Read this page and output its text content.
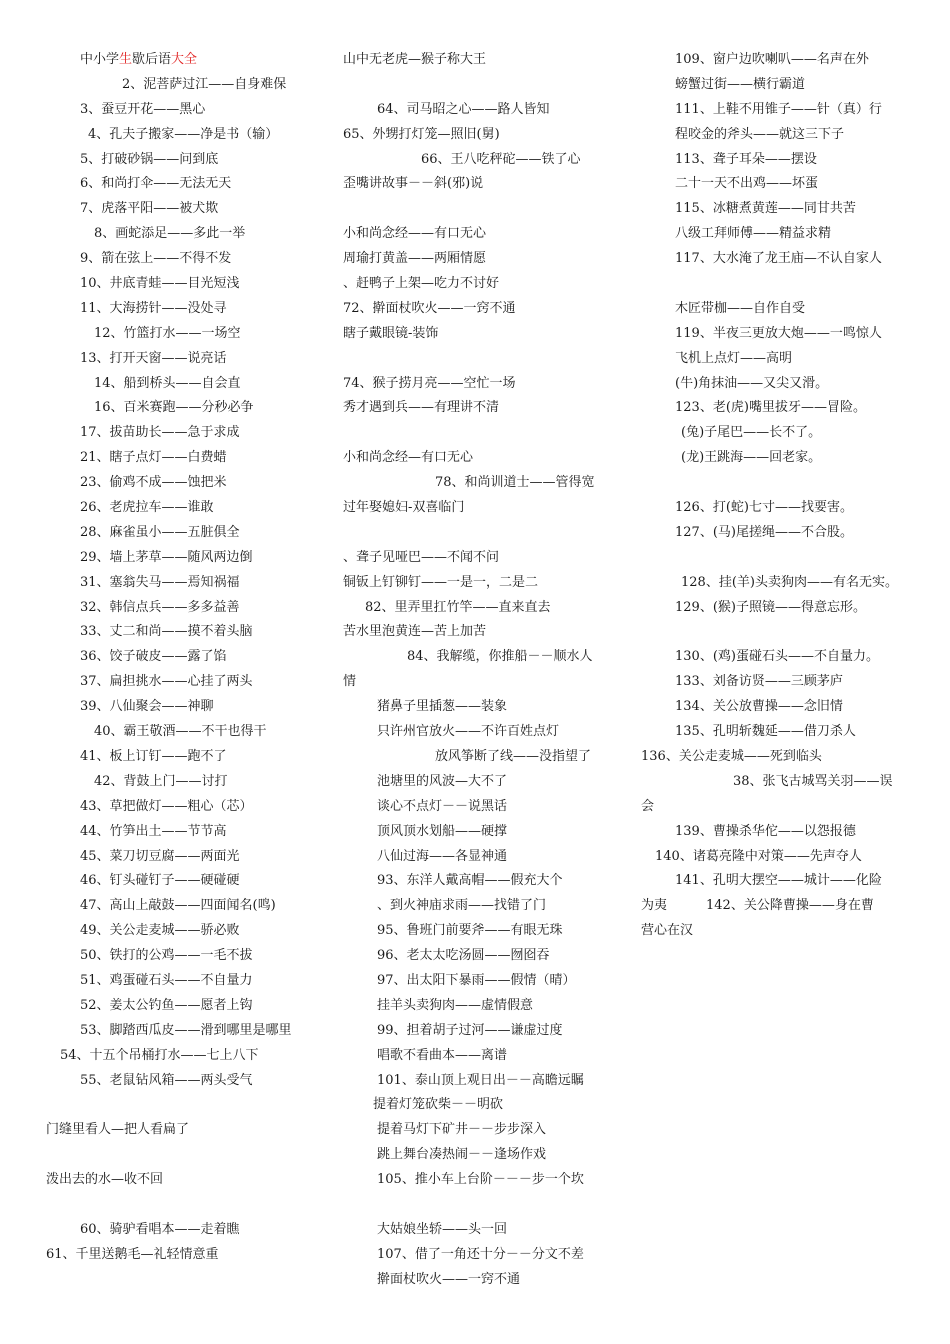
中小学生歇后语大全
2、泥菩萨过江——自身难保
3、蚕豆开花——黑心
4、孔夫子搬家——净是书（输）
5、打破砂锅——问到底
6、和尚打伞——无法无天
7、虎落平阳——被犬欺
8、画蛇添足——多此一举
9、箭在弦上——不得不发
10、井底青蛙——目光短浅
11、大海捞针——没处寻
12、竹篮打水——一场空
13、打开天窗——说亮话
14、船到桥头——自会直
16、百米赛跑——分秒必争
17、拔苗助长——急于求成
21、瞎子点灯——白费蜡
23、偷鸡不成——蚀把米
26、老虎拉车——谁敢
28、麻雀虽小——五脏俱全
29、墙上茅草——随风两边倒
31、塞翁失马——焉知祸福
32、韩信点兵——多多益善
33、丈二和尚——摸不着头脑
36、饺子破皮——露了馅
37、扁担挑水——心挂了两头
39、八仙聚会——神聊
40、霸王敬酒——不干也得干
41、板上订钉——跑不了
42、背鼓上门——讨打
43、草把做灯——粗心（芯）
44、竹笋出土——节节高
45、菜刀切豆腐——两面光
46、钉头碰钉子——硬碰硬
47、高山上敲鼓——四面闻名(鸣)
49、关公走麦城——骄必败
50、铁打的公鸡——一毛不拔
51、鸡蛋碰石头——不自量力
52、姜太公钓鱼——愿者上钩
53、脚踏西瓜皮——滑到哪里是哪里
54、十五个吊桶打水——七上八下
55、老鼠钻风箱——两头受气
门缝里看人—把人看扁了
泼出去的水—收不回
60、骑驴看唱本——走着瞧
61、千里送鹅毛—礼轻情意重
山中无老虎—猴子称大王
64、司马昭之心——路人皆知
65、外甥打灯笼—照旧(舅)
66、王八吃秤砣——铁了心
歪嘴讲故事－－斜(邪)说
小和尚念经——有口无心
周瑜打黄盖——两厢情愿
、赶鸭子上架—吃力不讨好
72、擀面杖吹火——一窍不通
瞎子戴眼镜-装饰
74、猴子捞月亮——空忙一场
秀才遇到兵——有理讲不清
小和尚念经—有口无心
78、和尚训道士——管得宽
过年娶媳妇-双喜临门
、聋子见哑巴——不闻不问
铜钣上钉铆钉——一是一，二是二
82、里弄里扛竹竿——直来直去
苦水里泡黄连—苦上加苦
84、我解缆，你推船－－顺水人
情
猪鼻子里插葱——装象
只许州官放火——不许百姓点灯
放风筝断了线——没指望了
池塘里的风波—大不了
谈心不点灯－－说黑话
顶风顶水划船——硬撑
八仙过海——各显神通
93、东洋人戴高帽——假充大个
、到火神庙求雨——找错了门
95、鲁班门前要斧——有眼无珠
96、老太太吃汤圆——囫囵吞
97、出太阳下暴雨——假情（晴）
挂羊头卖狗肉——虚情假意
99、担着胡子过河——谦虚过度
唱歌不看曲本——离谱
101、泰山顶上观日出－－高瞻远瞩
提着灯笼砍柴－－明砍
提着马灯下矿井－－步步深入
跳上舞台凑热闹－－逢场作戏
105、推小车上台阶－－－步一个坎
大姑娘坐轿——头一回
107、借了一角还十分－－分文不差
擀面杖吹火——一窍不通
109、窗户边吹喇叭——名声在外
螃蟹过街——横行霸道
111、上鞋不用锥子——针（真）行
程咬金的斧头——就这三下子
113、聋子耳朵——摆设
二十一天不出鸡——坏蛋
115、冰糖煮黄莲——同甘共苦
八级工拜师傅——精益求精
117、大水淹了龙王庙—不认自家人
木匠带枷——自作自受
119、半夜三更放大炮——一鸣惊人
飞机上点灯——高明
(牛)角抹油——又尖又滑。
123、老(虎)嘴里拔牙——冒险。
(兔)子尾巴——长不了。
(龙)王跳海——回老家。
126、打(蛇)七寸——找要害。
127、(马)尾搓绳——不合股。
128、挂(羊)头卖狗肉——有名无实。
129、(猴)子照镜——得意忘形。
130、(鸡)蛋碰石头——不自量力。
133、刘备访贤——三顾茅庐
134、关公放曹操——念旧情
135、孔明斩魏延——借刀杀人
136、关公走麦城——死到临头
38、张飞古城骂关羽——误
会
139、曹操杀华佗——以怨报德
140、诸葛亮隆中对策——先声夺人
141、孔明大摆空——城计——化险
为夷　　　142、关公降曹操——身在曹
营心在汉
